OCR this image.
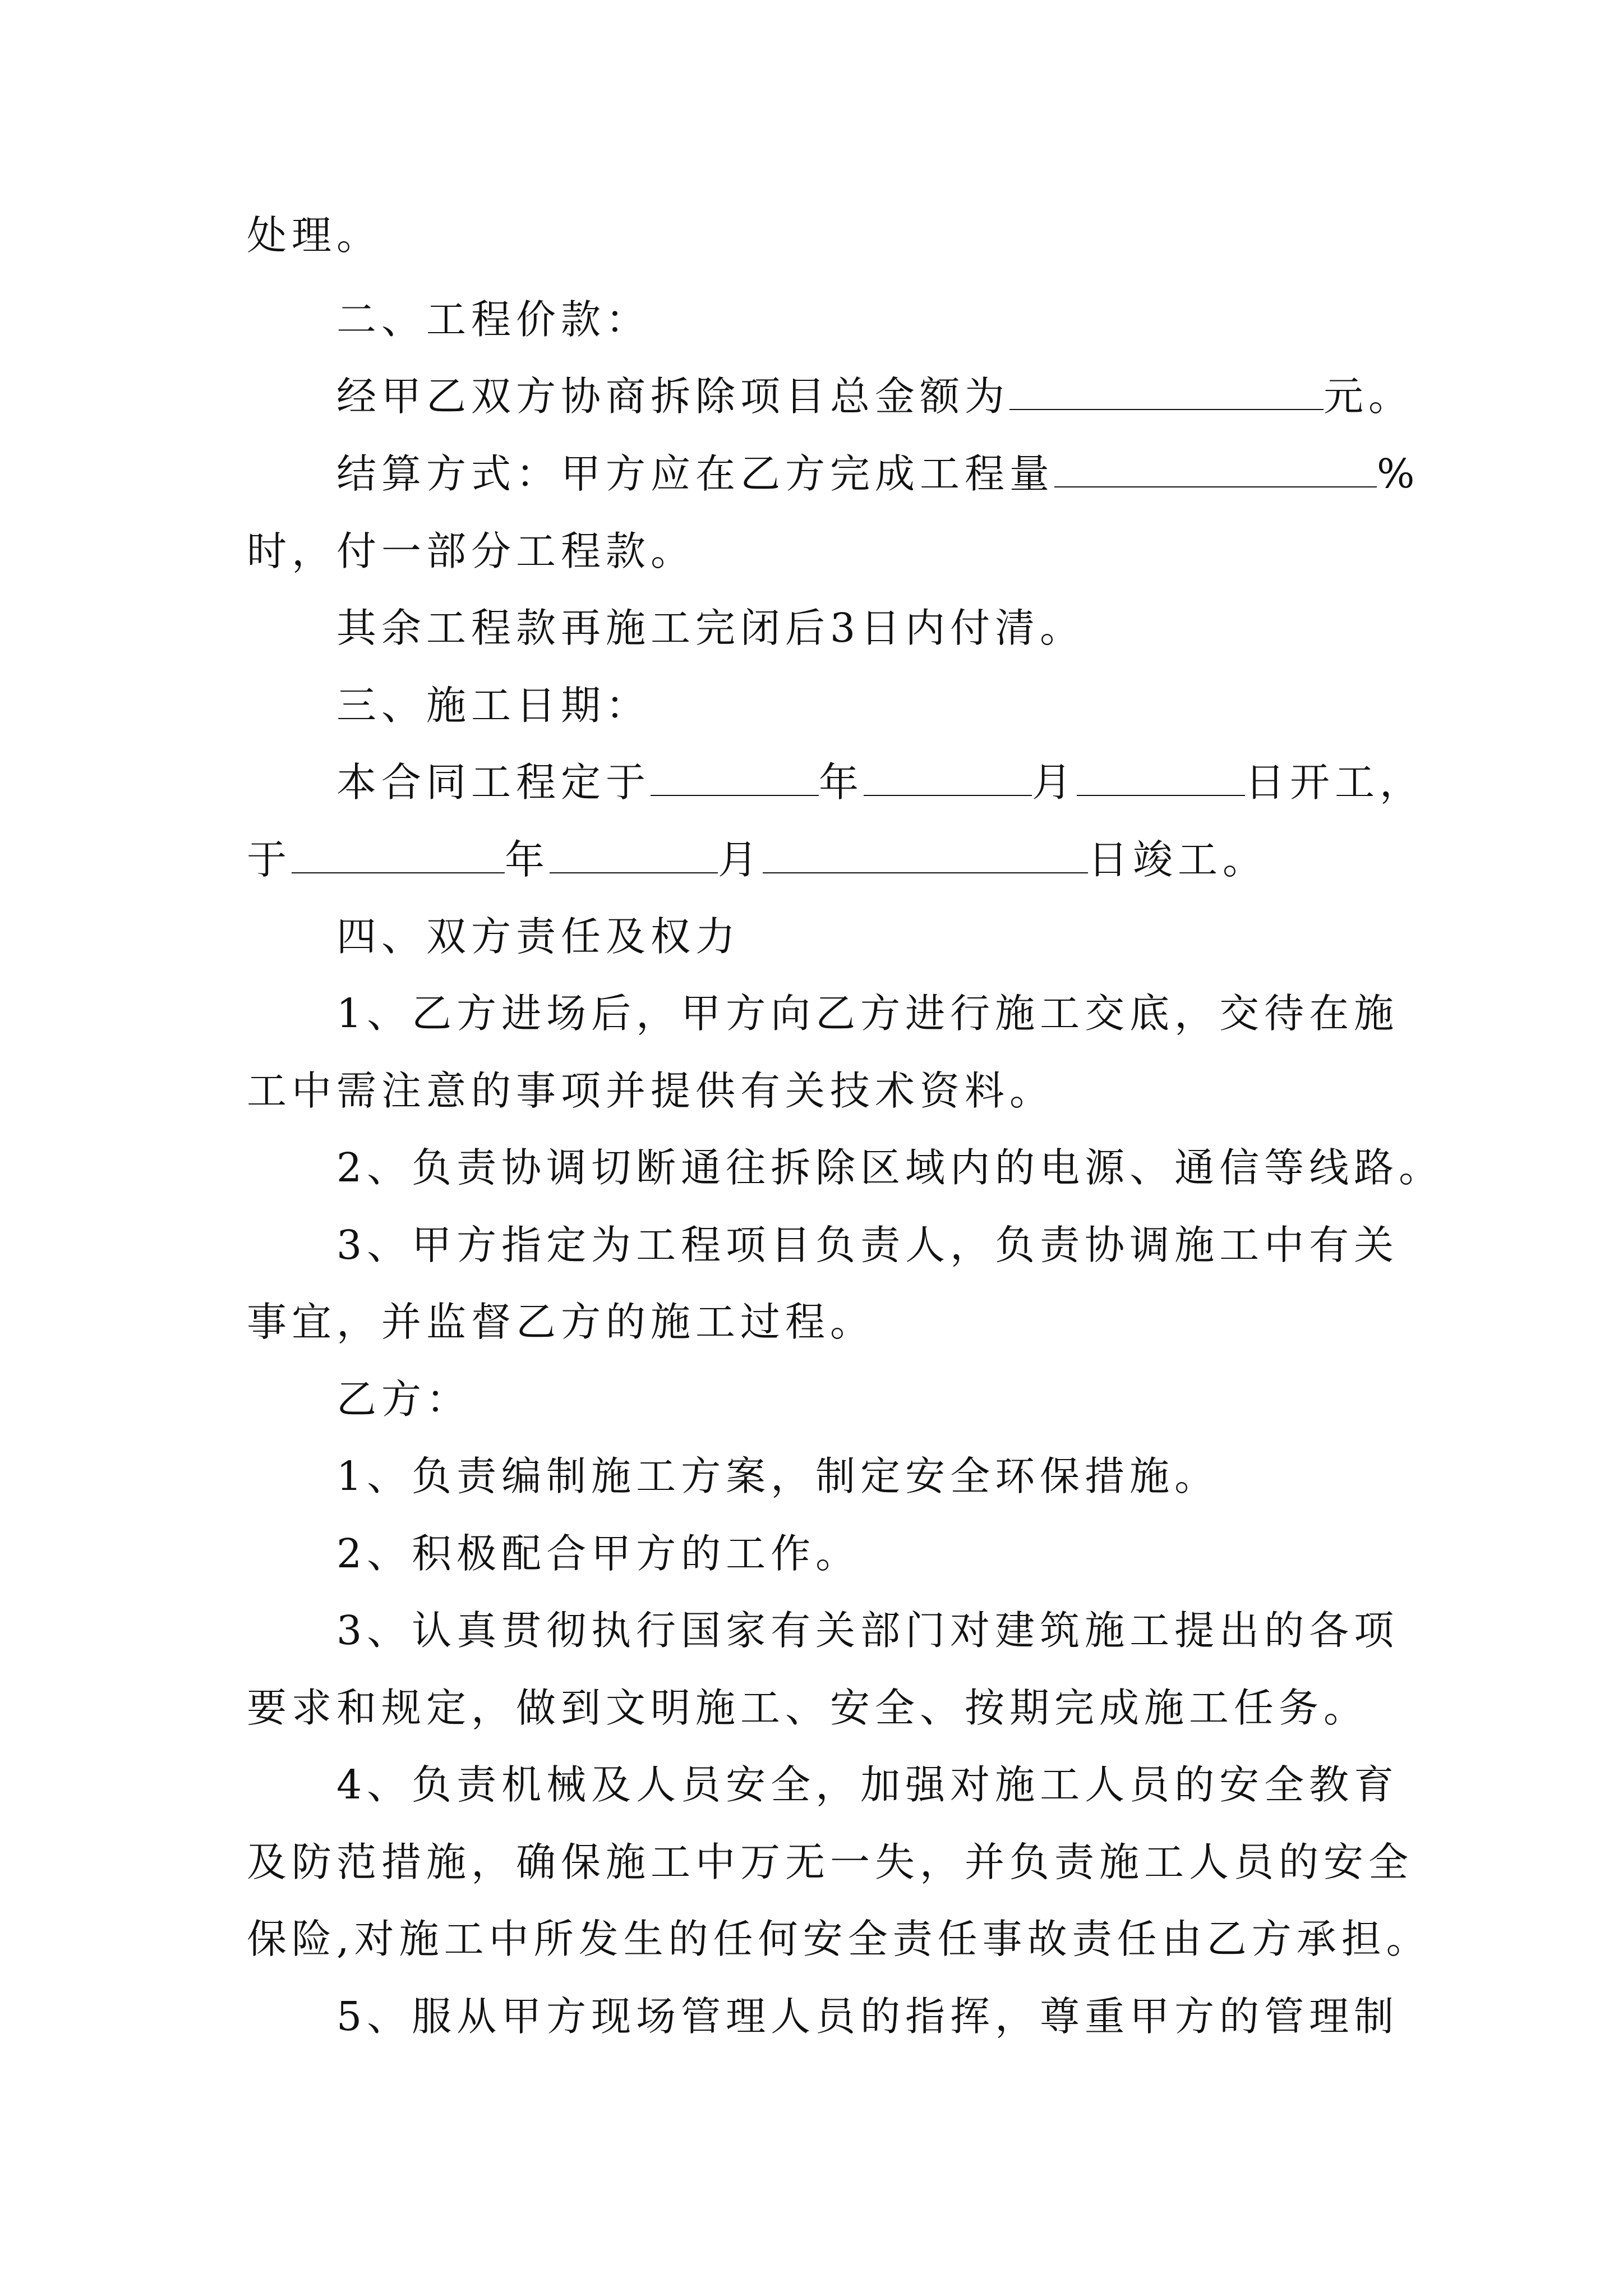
处理。
二、工程价款：
经甲乙双方协商拆除项目总金额为	元。
结算方式：甲方应在乙方完成工程量	%
时，付一部分工程款。
其余工程款再施工完闭后3日内付清。
三、施工日期：
本合同工程定于	年	月	日开工，
于	年	月	日竣工。
四、双方责任及权力
1、乙方进场后，甲方向乙方进行施工交底，交待在施
工中需注意的事项并提供有关技术资料。
2、负责协调切断通往拆除区域内的电源、通信等线路。
3、甲方指定为工程项目负责人，负责协调施工中有关
事宜，并监督乙方的施工过程。
乙方：
1、负责编制施工方案，制定安全环保措施。
2、积极配合甲方的工作。
3、认真贯彻执行国家有关部门对建筑施工提出的各项
要求和规定，做到文明施工、安全、按期完成施工任务。
4、负责机械及人员安全，加强对施工人员的安全教育
及防范措施，确保施工中万无一失，并负责施工人员的安全
保险,对施工中所发生的任何安全责任事故责任由乙方承担。
5、服从甲方现场管理人员的指挥，尊重甲方的管理制
